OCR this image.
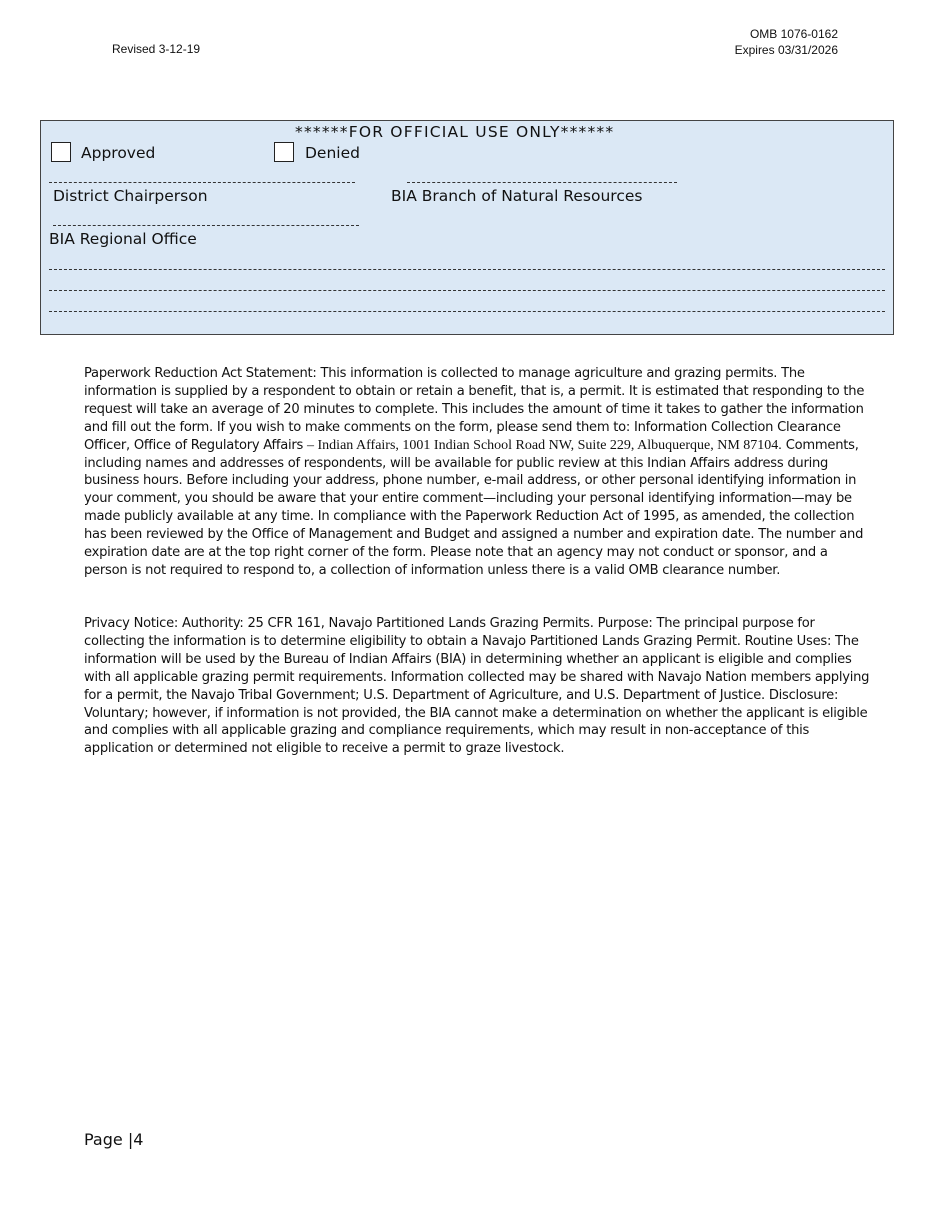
Revised 3-12-19
OMB 1076-0162
Expires 03/31/2026
******FOR OFFICIAL USE ONLY******
Approved	Denied
District Chairperson	BIA Branch of Natural Resources
BIA Regional Office

Paperwork Reduction Act Statement: This information is collected to manage agriculture and grazing permits. The information is supplied by a respondent to obtain or retain a benefit, that is, a permit. It is estimated that responding to the request will take an average of 20 minutes to complete. This includes the amount of time it takes to gather the information and fill out the form. If you wish to make comments on the form, please send them to: Information Collection Clearance Officer, Office of Regulatory Affairs – Indian Affairs, 1001 Indian School Road NW, Suite 229, Albuquerque, NM 87104. Comments, including names and addresses of respondents, will be available for public review at this Indian Affairs address during business hours. Before including your address, phone number, e-mail address, or other personal identifying information in your comment, you should be aware that your entire comment—including your personal identifying information—may be made publicly available at any time. In compliance with the Paperwork Reduction Act of 1995, as amended, the collection has been reviewed by the Office of Management and Budget and assigned a number and expiration date. The number and expiration date are at the top right corner of the form. Please note that an agency may not conduct or sponsor, and a person is not required to respond to, a collection of information unless there is a valid OMB clearance number.

Privacy Notice: Authority: 25 CFR 161, Navajo Partitioned Lands Grazing Permits. Purpose: The principal purpose for collecting the information is to determine eligibility to obtain a Navajo Partitioned Lands Grazing Permit. Routine Uses: The information will be used by the Bureau of Indian Affairs (BIA) in determining whether an applicant is eligible and complies with all applicable grazing permit requirements. Information collected may be shared with Navajo Nation members applying for a permit, the Navajo Tribal Government; U.S. Department of Agriculture, and U.S. Department of Justice. Disclosure: Voluntary; however, if information is not provided, the BIA cannot make a determination on whether the applicant is eligible and complies with all applicable grazing and compliance requirements, which may result in non-acceptance of this application or determined not eligible to receive a permit to graze livestock.

Page |4
